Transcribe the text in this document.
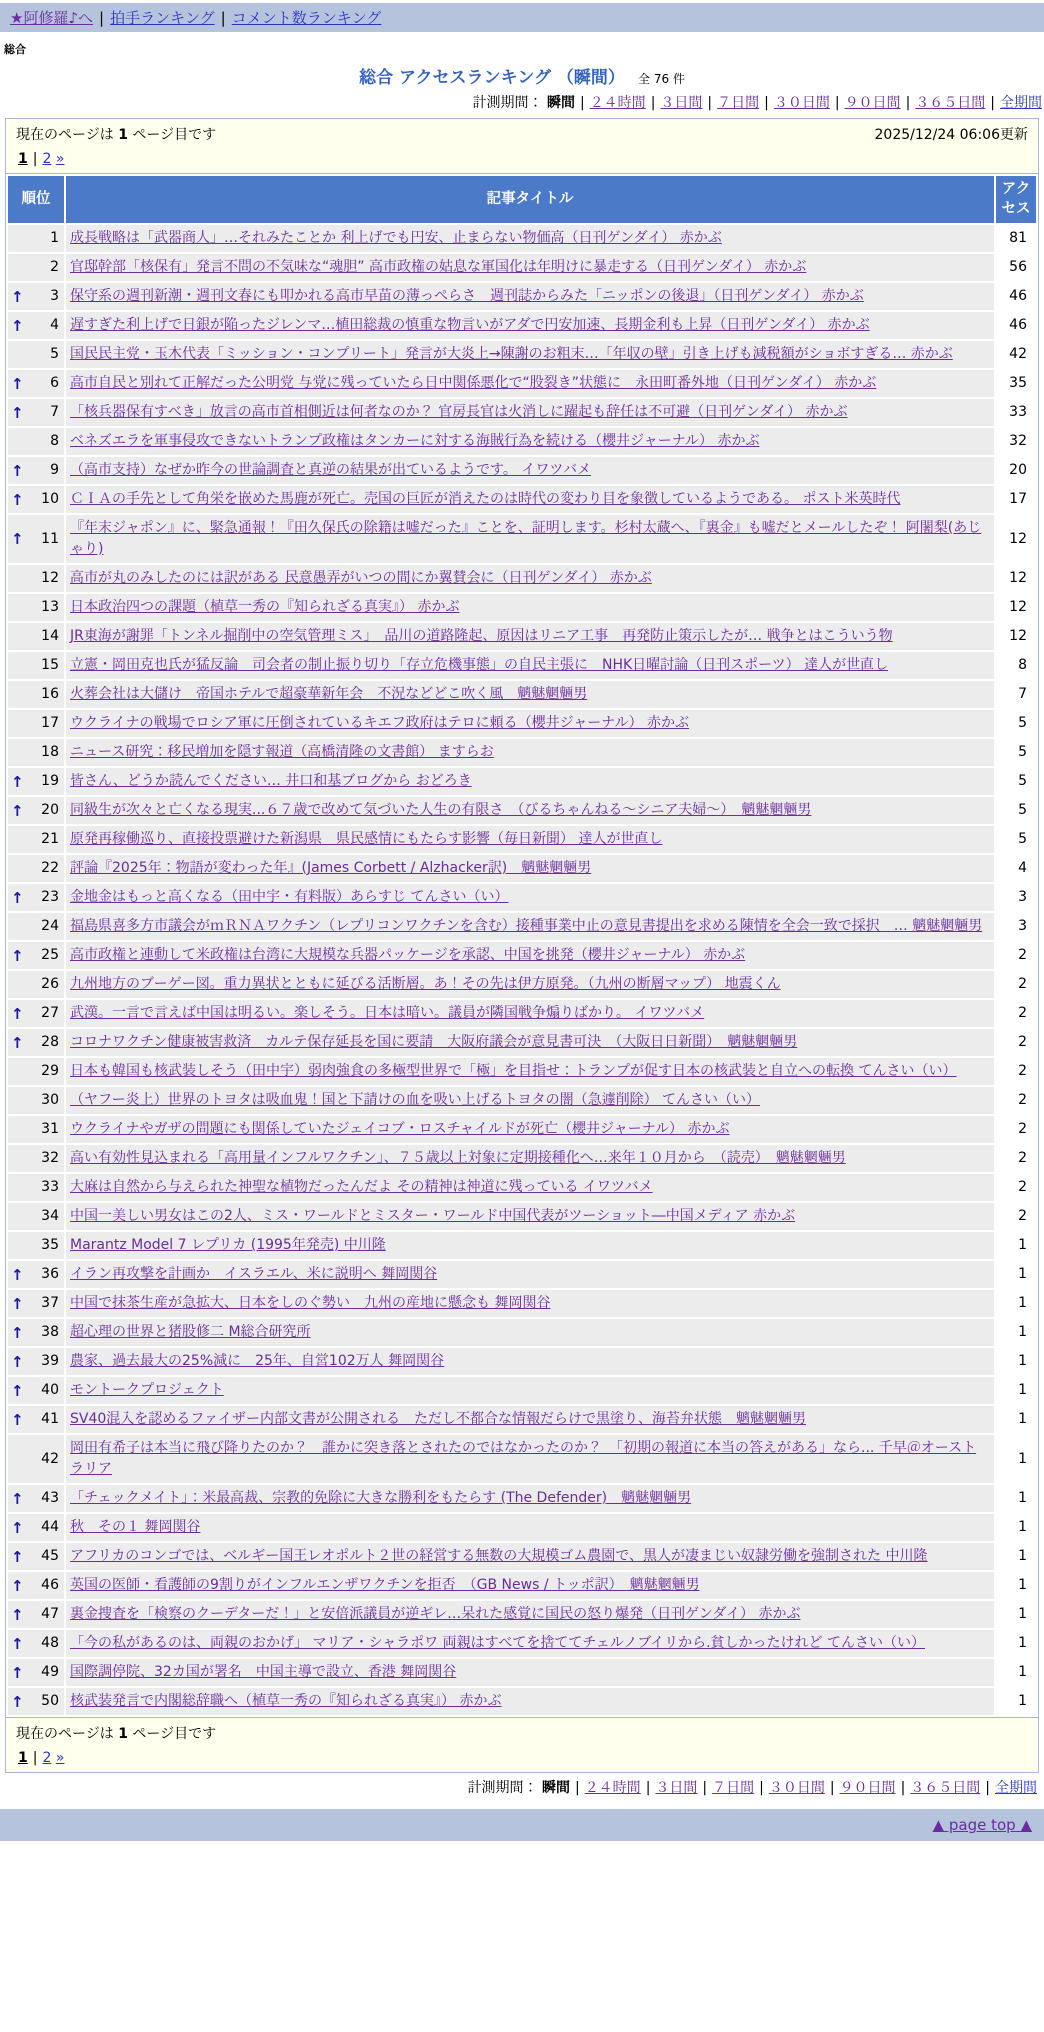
★阿修羅♪へ | 拍手ランキング | コメント数ランキング
総合
総合 アクセスランキング （瞬間） 全 76 件
計測期間： 瞬間 | ２４時間 | ３日間 | ７日間 | ３０日間 | ９０日間 | ３６５日間 | 全期間
現在のページは 1 ページ目です	2025/12/24 06:06更新
1 | 2 »
順位	記事タイトル	アクセス
1	成長戦略は「武器商人」…それみたことか 利上げでも円安、止まらない物価高（日刊ゲンダイ） 赤かぶ	81
2	官邸幹部「核保有」発言不問の不気味な“魂胆” 高市政権の姑息な軍国化は年明けに暴走する（日刊ゲンダイ） 赤かぶ	56

↑ 3	保守系の週刊新潮・週刊文春にも叩かれる高市早苗の薄っぺらさ　週刊誌からみた「ニッポンの後退」（日刊ゲンダイ） 赤かぶ	46

↑ 4	遅すぎた利上げで日銀が陥ったジレンマ…植田総裁の慎重な物言いがアダで円安加速、長期金利も上昇（日刊ゲンダイ） 赤かぶ	46
5	国民民主党・玉木代表「ミッション・コンプリート」発言が大炎上→陳謝のお粗末…「年収の壁」引き上げも減税額がショボすぎる… 赤かぶ	42

↑ 6	高市自民と別れて正解だった公明党 与党に残っていたら日中関係悪化で“股裂き”状態に　永田町番外地（日刊ゲンダイ） 赤かぶ	35

↑ 7	「核兵器保有すべき」放言の高市首相側近は何者なのか？ 官房長官は火消しに躍起も辞任は不可避（日刊ゲンダイ） 赤かぶ	33
8	ベネズエラを軍事侵攻できないトランプ政権はタンカーに対する海賊行為を続ける（櫻井ジャーナル） 赤かぶ	32

↑ 9	（高市支持）なぜか昨今の世論調査と真逆の結果が出ているようです。 イワツバメ	20

↑ 10	ＣＩＡの手先として角栄を嵌めた馬鹿が死亡。売国の巨匠が消えたのは時代の変わり目を象徴しているようである。 ポスト米英時代	17

↑ 11	『年末ジャポン』に、緊急通報！『田久保氏の除籍は嘘だった』ことを、証明します。杉村太蔵へ、『裏金』も嘘だとメールしたぞ！ 阿闍梨(あじゃり)	12
12	高市が丸のみしたのには訳がある 民意愚弄がいつの間にか翼賛会に（日刊ゲンダイ） 赤かぶ	12
13	日本政治四つの課題（植草一秀の『知られざる真実』） 赤かぶ	12
14	JR東海が謝罪「トンネル掘削中の空気管理ミス」　品川の道路隆起、原因はリニア工事　再発防止策示したが… 戦争とはこういう物	12
15	立憲・岡田克也氏が猛反論　司会者の制止振り切り「存立危機事態」の自民主張に　NHK日曜討論（日刊スポーツ） 達人が世直し	8
16	火葬会社は大儲け　帝国ホテルで超豪華新年会　不況などどこ吹く風　魑魅魍魎男	7
17	ウクライナの戦場でロシア軍に圧倒されているキエフ政府はテロに頼る（櫻井ジャーナル） 赤かぶ	5
18	ニュース研究：移民増加を隠す報道（高橋清隆の文書館） ますらお	5

↑ 19	皆さん、どうか読んでください… 井口和基ブログから おどろき	5

↑ 20	同級生が次々と亡くなる現実...６７歳で改めて気づいた人生の有限さ　（びるちゃんねる～シニア夫婦～）　魑魅魍魎男	5
21	原発再稼働巡り、直接投票避けた新潟県　県民感情にもたらす影響（毎日新聞） 達人が世直し	5
22	評論『2025年：物語が変わった年』(James Corbett / Alzhacker訳)　魑魅魍魎男	4

↑ 23	金地金はもっと高くなる（田中宇・有料版）あらすじ てんさい（い）	3
24	福島県喜多方市議会がｍＲＮＡワクチン（レプリコンワクチンを含む）接種事業中止の意見書提出を求める陳情を全会一致で採択　… 魑魅魍魎男	3

↑ 25	高市政権と連動して米政権は台湾に大規模な兵器パッケージを承認、中国を挑発（櫻井ジャーナル） 赤かぶ	2
26	九州地方のブーゲー図。重力異状とともに延びる活断層。あ！その先は伊方原発。（九州の断層マップ） 地震くん	2

↑ 27	武漢。一言で言えば中国は明るい。楽しそう。日本は暗い。議員が隣国戦争煽りばかり。 イワツバメ	2

↑ 28	コロナワクチン健康被害救済　カルテ保存延長を国に要請　大阪府議会が意見書可決　（大阪日日新聞）　魑魅魍魎男	2
29	日本も韓国も核武装しそう（田中宇）弱肉強食の多極型世界で「極」を目指せ：トランプが促す日本の核武装と自立への転換 てんさい（い）	2
30	（ヤフー炎上）世界のトヨタは吸血鬼！国と下請けの血を吸い上げるトヨタの闇（急遽削除） てんさい（い）	2
31	ウクライナやガザの問題にも関係していたジェイコブ・ロスチャイルドが死亡（櫻井ジャーナル） 赤かぶ	2
32	高い有効性見込まれる「高用量インフルワクチン」、７５歳以上対象に定期接種化へ…来年１０月から　（読売）　魑魅魍魎男	2
33	大麻は自然から与えられた神聖な植物だったんだよ その精神は神道に残っている イワツバメ	2
34	中国一美しい男女はこの2人、ミス・ワールドとミスター・ワールド中国代表がツーショット―中国メディア 赤かぶ	2
35	Marantz Model 7 レプリカ (1995年発売) 中川隆	1

↑ 36	イラン再攻撃を計画か　イスラエル、米に説明へ 舞岡関谷	1

↑ 37	中国で抹茶生産が急拡大、日本をしのぐ勢い　九州の産地に懸念も 舞岡関谷	1

↑ 38	超心理の世界と猪股修二 M総合研究所	1

↑ 39	農家、過去最大の25%減に　25年、自営102万人 舞岡関谷	1

↑ 40	モントークプロジェクト	1

↑ 41	SV40混入を認めるファイザー内部文書が公開される　ただし不都合な情報だらけで黒塗り、海苔弁状態　魑魅魍魎男	1
42	岡田有希子は本当に飛び降りたのか？　誰かに突き落とされたのではなかったのか？　「初期の報道に本当の答えがある」なら... 千早＠オーストラリア	1

↑ 43	「チェックメイト」：米最高裁、宗教的免除に大きな勝利をもたらす (The Defender)　魑魅魍魎男	1

↑ 44	秋　その１ 舞岡関谷	1

↑ 45	アフリカのコンゴでは、ベルギー国王レオポルト２世の経営する無数の大規模ゴム農園で、黒人が凄まじい奴隷労働を強制された 中川隆	1

↑ 46	英国の医師・看護師の9割りがインフルエンザワクチンを拒否　（GB News / トッポ訳）　魑魅魍魎男	1

↑ 47	裏金捜査を「検察のクーデターだ！」と安倍派議員が逆ギレ…呆れた感覚に国民の怒り爆発（日刊ゲンダイ） 赤かぶ	1

↑ 48	「今の私があるのは、両親のおかげ」 マリア・シャラポワ 両親はすべてを捨ててチェルノブイリから.貧しかったけれど てんさい（い）	1

↑ 49	国際調停院、32カ国が署名　中国主導で設立、香港 舞岡関谷	1

↑ 50	核武装発言で内閣総辞職へ（植草一秀の『知られざる真実』） 赤かぶ	1
現在のページは 1 ページ目です
1 | 2 »
計測期間： 瞬間 | ２４時間 | ３日間 | ７日間 | ３０日間 | ９０日間 | ３６５日間 | 全期間
▲ page top ▲
